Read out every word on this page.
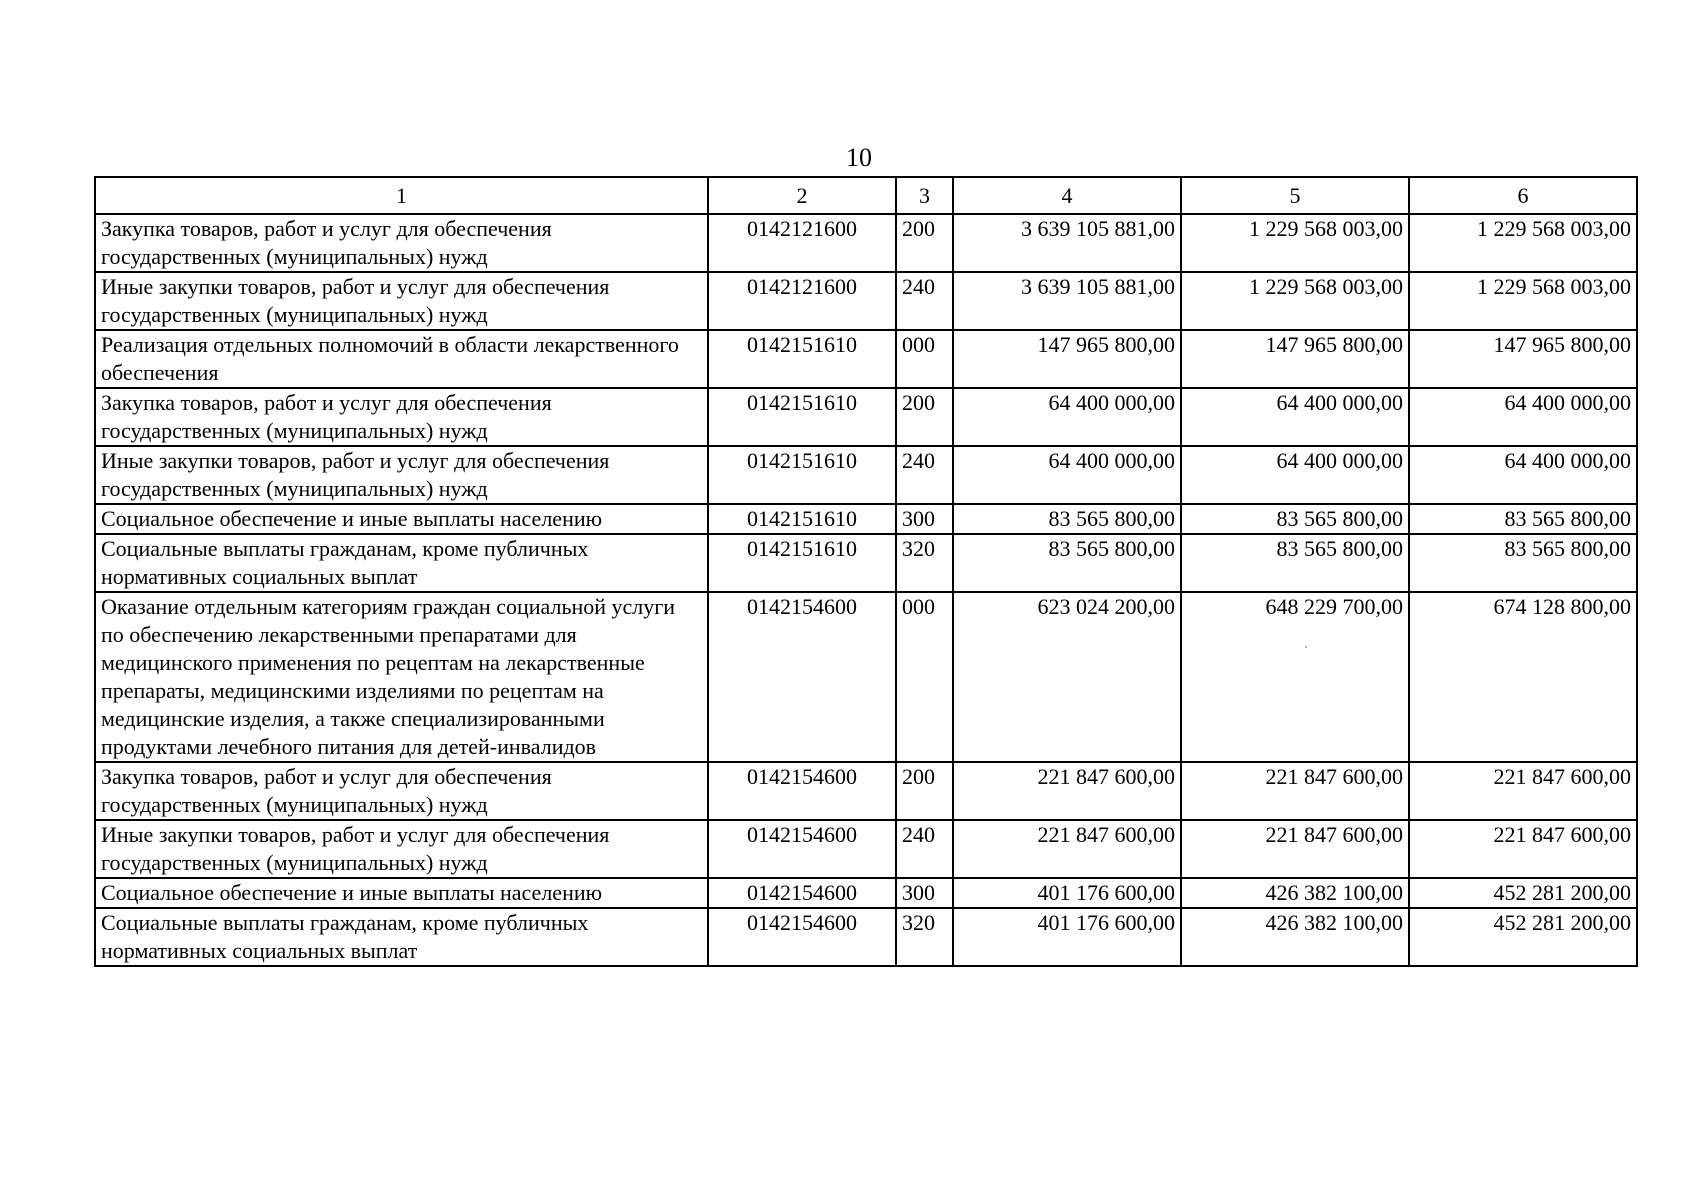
10
1	2	3	4	5	6
Закупка товаров, работ и услуг для обеспечения государственных (муниципальных) нужд	0142121600	200	3 639 105 881,00	1 229 568 003,00	1 229 568 003,00
Иные закупки товаров, работ и услуг для обеспечения государственных (муниципальных) нужд	0142121600	240	3 639 105 881,00	1 229 568 003,00	1 229 568 003,00
Реализация отдельных полномочий в области лекарственного обеспечения	0142151610	000	147 965 800,00	147 965 800,00	147 965 800,00
Закупка товаров, работ и услуг для обеспечения государственных (муниципальных) нужд	0142151610	200	64 400 000,00	64 400 000,00	64 400 000,00
Иные закупки товаров, работ и услуг для обеспечения государственных (муниципальных) нужд	0142151610	240	64 400 000,00	64 400 000,00	64 400 000,00
Социальное обеспечение и иные выплаты населению	0142151610	300	83 565 800,00	83 565 800,00	83 565 800,00
Социальные выплаты гражданам, кроме публичных нормативных социальных выплат	0142151610	320	83 565 800,00	83 565 800,00	83 565 800,00
Оказание отдельным категориям граждан социальной услуги по обеспечению лекарственными препаратами для медицинского применения по рецептам на лекарственные препараты, медицинскими изделиями по рецептам на медицинские изделия, а также специализированными продуктами лечебного питания для детей-инвалидов	0142154600	000	623 024 200,00	648 229 700,00	674 128 800,00
Закупка товаров, работ и услуг для обеспечения государственных (муниципальных) нужд	0142154600	200	221 847 600,00	221 847 600,00	221 847 600,00
Иные закупки товаров, работ и услуг для обеспечения государственных (муниципальных) нужд	0142154600	240	221 847 600,00	221 847 600,00	221 847 600,00
Социальное обеспечение и иные выплаты населению	0142154600	300	401 176 600,00	426 382 100,00	452 281 200,00
Социальные выплаты гражданам, кроме публичных нормативных социальных выплат	0142154600	320	401 176 600,00	426 382 100,00	452 281 200,00
